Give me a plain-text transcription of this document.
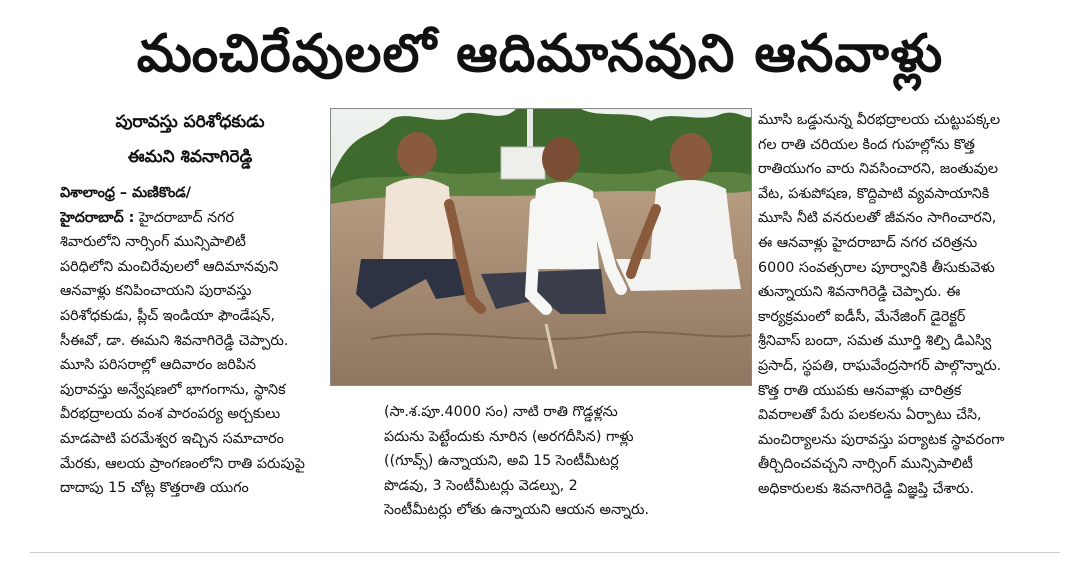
మంచిరేవులలో ఆదిమానవుని ఆనవాళ్లు
పురావస్తు పరిశోధకుడు
ఈమని శివనాగిరెడ్డి
విశాలాంధ్ర – మణికొండ/
హైదరాబాద్ : హైదరాబాద్ నగర
శివారులోని నార్సింగ్ మున్సిపాలిటీ
పరిధిలోని మంచిరేవులలో ఆదిమానవుని
ఆనవాళ్లు కనిపించాయని పురావస్తు
పరిశోధకుడు, ప్లీచ్ ఇండియా ఫౌండేషన్,
సీఈవో, డా. ఈమని శివనాగిరెడ్డి చెప్పారు.
మూసి పరిసరాల్లో ఆదివారం జరిపిన
పురావస్తు అన్వేషణలో భాగంగాను, స్థానిక
వీరభద్రాలయ వంశ పారంపర్య అర్చకులు
మాడపాటి పరమేశ్వర ఇచ్చిన సమాచారం
మేరకు, ఆలయ ప్రాంగణంలోని రాతి పరుపుపై
దాదాపు 15 చోట్ల కొత్తరాతి యుగం
(సా.శ.పూ.4000 సం) నాటి రాతి గొడ్డళ్లను
పదును పెట్టేందుకు నూరిన (అరగదీసిన) గాళ్లు
((గూవ్స్) ఉన్నాయని, అవి 15 సెంటీమీటర్ల
పొడవు, 3 సెంటీమీటర్లు వెడల్పు, 2
సెంటీమీటర్లు లోతు ఉన్నాయని ఆయన అన్నారు.
మూసి ఒడ్డునున్న వీరభద్రాలయ చుట్టుపక్కల
గల రాతి చరియల కింద గుహల్లోను కొత్త
రాతియుగం వారు నివసించారని, జంతువుల
వేట, పశుపోషణ, కొద్దిపాటి వ్యవసాయానికి
మూసి నీటి వనరులతో జీవనం సాగించారని,
ఈ ఆనవాళ్లు హైదరాబాద్ నగర చరిత్రను
6000 సంవత్సరాల పూర్వానికి తీసుకువెళు
తున్నాయని శివనాగిరెడ్డి చెప్పారు. ఈ
కార్యక్రమంలో ఐడీసీ, మేనేజింగ్ డైరెక్టర్
శ్రీనివాస్ బందా, సమత మూర్తి శిల్పి డిఎస్వి
ప్రసాద్, స్థపతి, రాఘవేంద్రసాగర్ పాల్గొన్నారు.
కొత్త రాతి యుపకు ఆనవాళ్లు చారిత్రక
వివరాలతో పేరు పలకలను ఏర్పాటు చేసి,
మంచిర్యాలను పురావస్తు పర్యాటక స్థావరంగా
తీర్చిదించవచ్చని నార్సింగ్ మున్సిపాలిటీ
అధికారులకు శివనాగిరెడ్డి విజ్ఞప్తి చేశారు.
